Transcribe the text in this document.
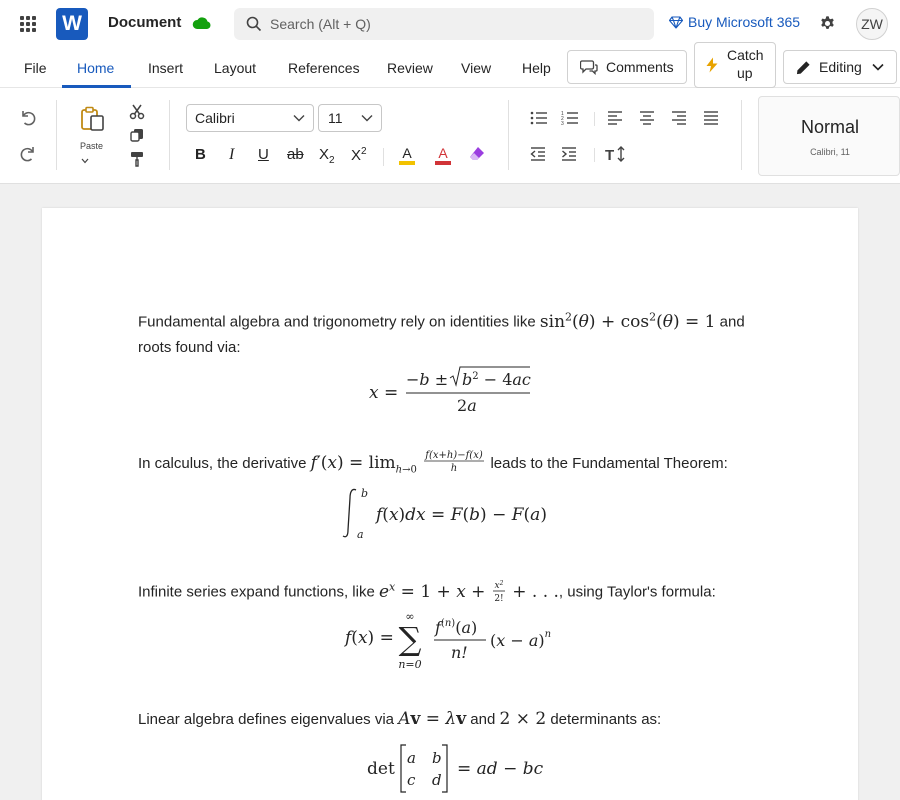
W	Document
Search (Alt + Q)	Buy Microsoft 365	ZW
File Home Insert Layout References Review View Help	Comments
Catch
up	Editing
Paste
Calibri	11
B I U ab $X_2$ $X^2$	A A
1
2
3
T
Normal
Calibri, 11
Fundamental algebra and trigonometry rely on identities like $\sin^2(\theta) + \cos^2(\theta) = 1$ and
roots found via:
x =
$-b \pm b^2 - 4ac$
2a
In calculus, the derivative $f'(x) = \lim_{h\to 0}$
f(x+h)−f(x)
h leads to the Fundamental Theorem:
b
a
f(x)dx = F(b) − F(a)
Infinite series expand functions, like $e^x = 1 + x + x^2$
2! + . . ., using Taylor's formula:
f(x) =
∞
∑
n=0
$f^{(n)}(a)$
n!
$(x - a)^n$
Linear algebra defines eigenvalues via Av = λv and 2 × 2 determinants as:
det
a b
c d
= ad − bc
